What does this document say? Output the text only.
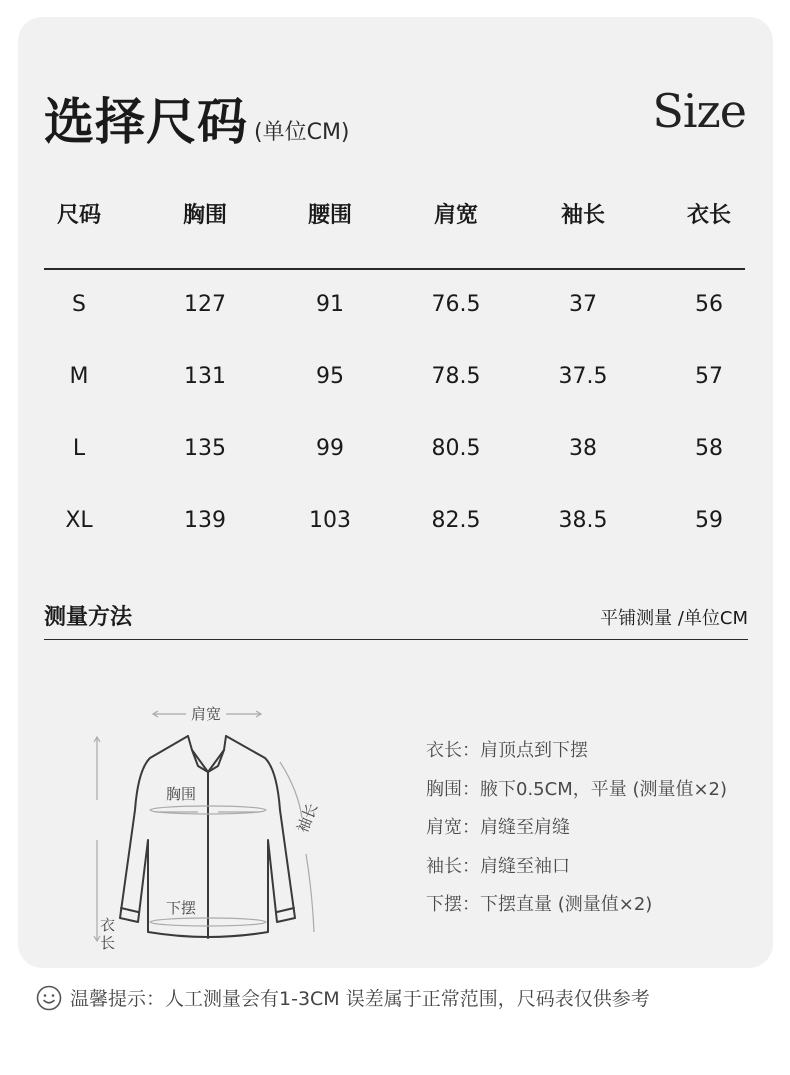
选择尺码 (单位CM)	Size
尺码	胸围	腰围	肩宽	袖长	衣长
S	127	91	76.5	37	56
M	131	95	78.5	37.5	57
L	135	99	80.5	38	58
XL	139	103	82.5	38.5	59
测量方法	平铺测量 /单位CM
肩宽
胸围
下摆
衣长
袖长
衣长：肩顶点到下摆
胸围：腋下0.5CM，平量 (测量值×2)
肩宽：肩缝至肩缝
袖长：肩缝至袖口
下摆：下摆直量 (测量值×2)
温馨提示：人工测量会有1-3CM 误差属于正常范围，尺码表仅供参考
